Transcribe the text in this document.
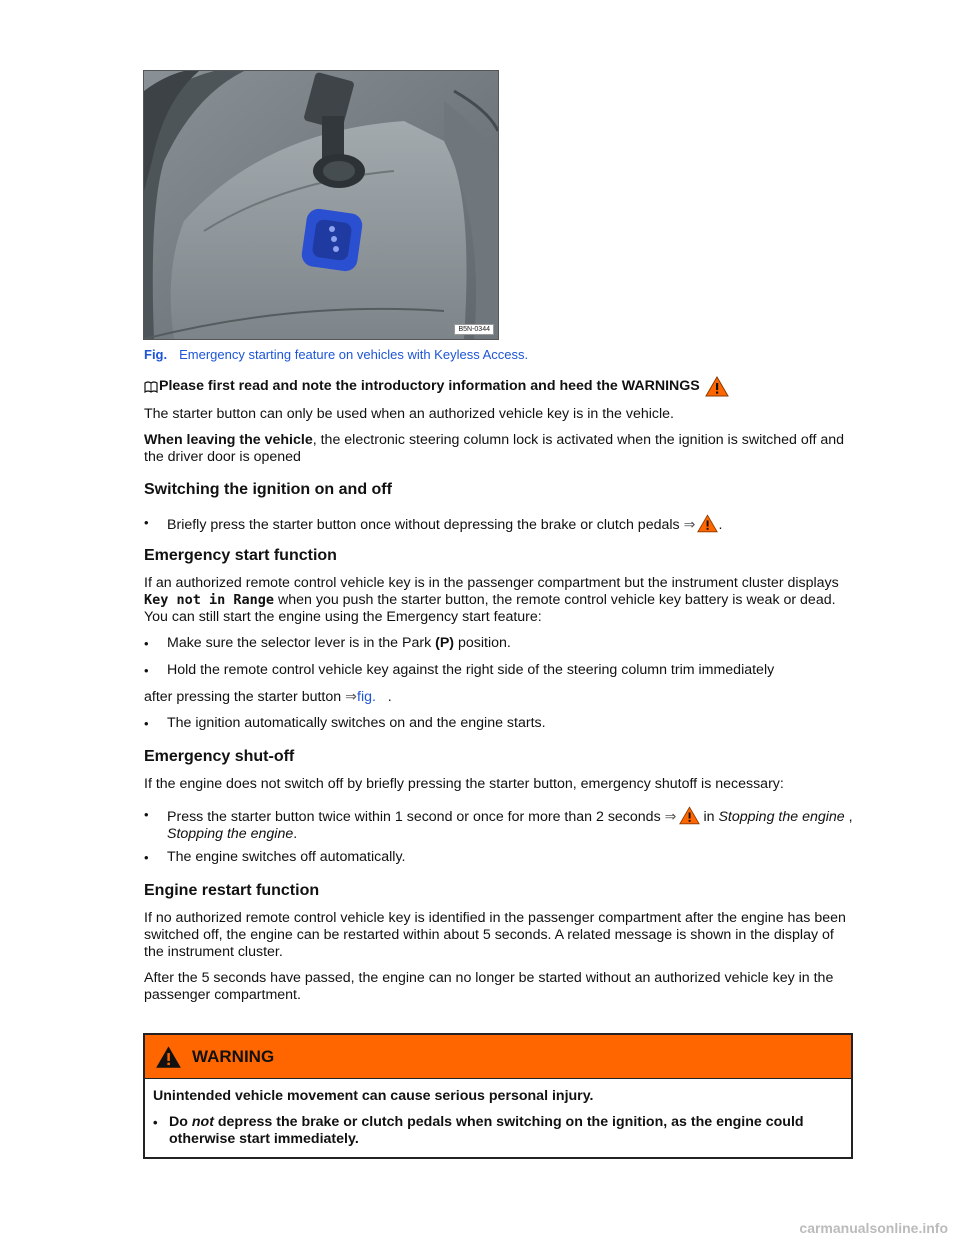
B5N-0344
Fig. Emergency starting feature on vehicles with Keyless Access.
Please first read and note the introductory information and heed the WARNINGS

The starter button can only be used when an authorized vehicle key is in the vehicle.

When leaving the vehicle, the electronic steering column lock is activated when the ignition is switched off and the driver door is opened

Switching the ignition on and off
•
Briefly press the starter button once without depressing the brake or clutch pedals ⇒ .
Emergency start function

If an authorized remote control vehicle key is in the passenger compartment but the instrument cluster displays Key not in Range when you push the starter button, the remote control vehicle key battery is weak or dead. You can still start the engine using the Emergency start feature:

•
Make sure the selector lever is in the Park (P) position.
•
Hold the remote control vehicle key against the right side of the steering column trim immediately

after pressing the starter button ⇒fig.   .

•
The ignition automatically switches on and the engine starts.
Emergency shut-off

If the engine does not switch off by briefly pressing the starter button, emergency shutoff is necessary:

•
Press the starter button twice within 1 second or once for more than 2 seconds ⇒ in Stopping the engine , Stopping the engine.
•
The engine switches off automatically.
Engine restart function

If no authorized remote control vehicle key is identified in the passenger compartment after the engine has been switched off, the engine can be restarted within about 5 seconds. A related message is shown in the display of the instrument cluster.

After the 5 seconds have passed, the engine can no longer be started without an authorized vehicle key in the passenger compartment.

WARNING

Unintended vehicle movement can cause serious personal injury.

•
Do not depress the brake or clutch pedals when switching on the ignition, as the engine could otherwise start immediately.
carmanualsonline.info
